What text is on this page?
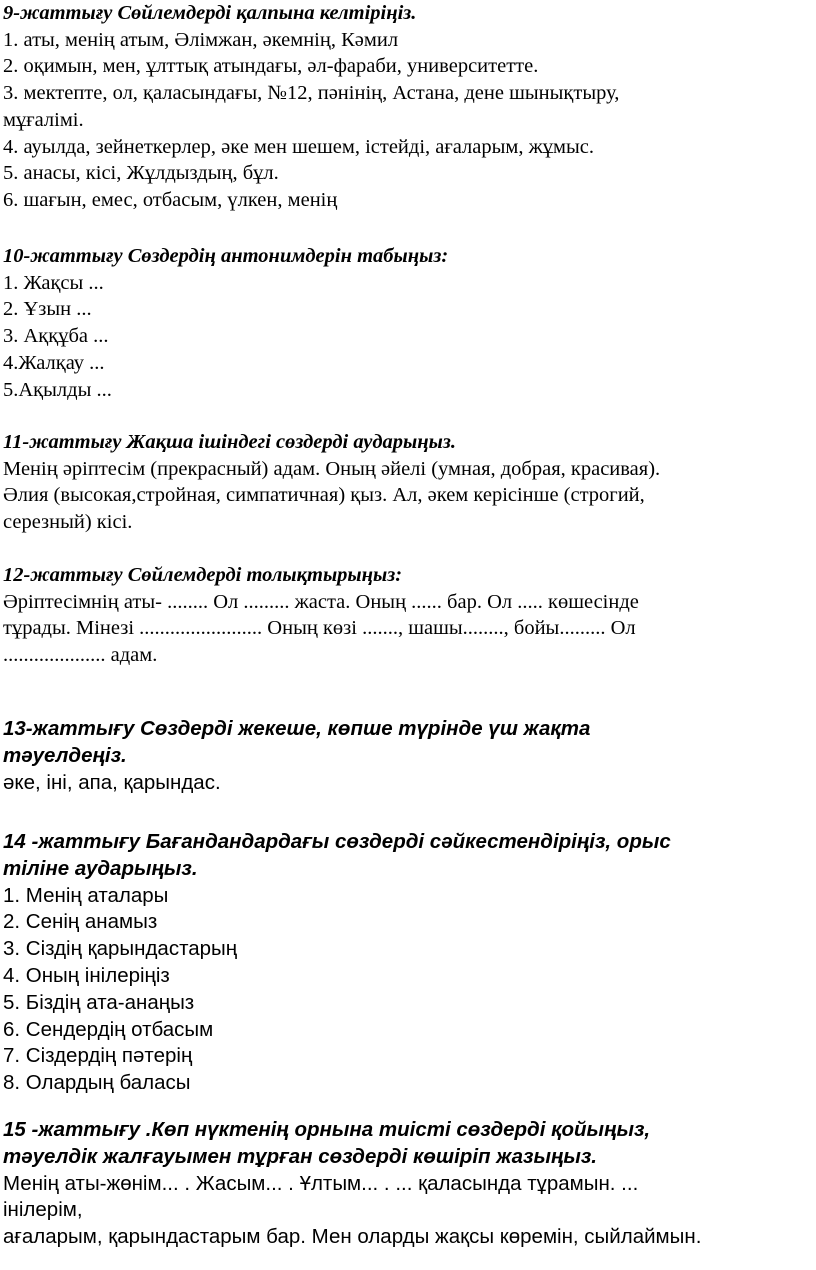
9-жаттығу Сөйлемдерді қалпына келтіріңіз.
1. аты, менің атым, Әлімжан, әкемнің, Кәмил
2. оқимын, мен, ұлттық атындағы, әл-фараби, университетте.
3. мектепте, ол, қаласындағы, №12, пәнінің, Астана, дене шынықтыру,
мұғалімі.
4. ауылда, зейнеткерлер, әке мен шешем, істейді, ағаларым, жұмыс.
5. анасы, кісі, Жұлдыздың, бұл.
6. шағын, емес, отбасым, үлкен, менің
10-жаттығу Сөздердің антонимдерін табыңыз:
1. Жақсы ...
2. Ұзын ...
3. Аққұба ...
4.Жалқау ...
5.Ақылды ...
11-жаттығу Жақша ішіндегі сөздерді аударыңыз.
Менің әріптесім (прекрасный) адам. Оның әйелі (умная, добрая, красивая).
Әлия (высокая,стройная, симпатичная) қыз. Ал, әкем керісінше (строгий,
серезный) кісі.
12-жаттығу Сөйлемдерді толықтырыңыз:
Әріптесімнің аты- ........ Ол ......... жаста. Оның ...... бар. Ол ..... көшесінде
тұрады. Мінезі ........................ Оның көзі ......., шашы........, бойы......... Ол
.................... адам.
13-жаттығу Сөздерді жекеше, көпше түрінде үш жақта
тәуелдеңіз.
әке, іні, апа, қарындас.
14 -жаттығу Бағандандардағы сөздерді сәйкестендіріңіз, орыс
тіліне аударыңыз.
1. Менің аталары
2. Сенің анамыз
3. Сіздің қарындастарың
4. Оның інілеріңіз
5. Біздің ата-анаңыз
6. Сендердің отбасым
7. Сіздердің пәтерің
8. Олардың баласы
15 -жаттығу .Көп нүктенің орнына тиісті сөздерді қойыңыз,
тәуелдік жалғауымен тұрған сөздерді көшіріп жазыңыз.
Менің аты-жөнім... . Жасым... . Ұлтым... . ... қаласында тұрамын. ...
інілерім,
ағаларым, қарындастарым бар. Мен оларды жақсы көремін, сыйлаймын.
